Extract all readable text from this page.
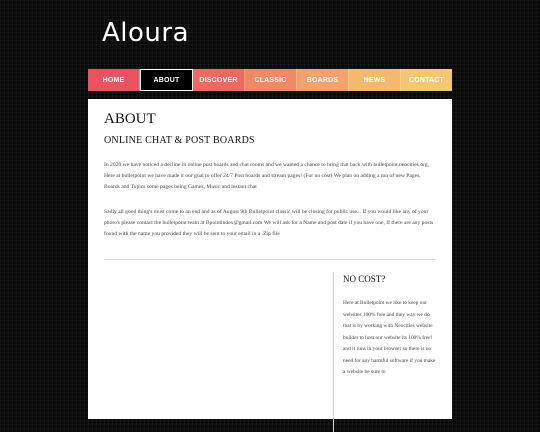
Aloura
HOME	ABOUT	DISCOVER	CLASSIC	BOARDS	NEWS	CONTACT
ABOUT
ONLINE CHAT & POST BOARDS

In 2020 we have noticed a decline in online post boards and chat rooms and we wanted a chance to bring that back with bulletpoint.neocities.org, Here at bulletpoint we have made it our goal to offer 24/7 Post boards and stream pages! (For no cost) We plan on adding a ton of new Pages, Boards and Topics some pages being Games, Music and instant chat

Sadly all good thing's must come to an end and as of August 9th Bulletpoint classic will be closing for public use... If you would like any of your photo's please contact the bulletpoint team at Bpointindex@gmail.com We will ask for a Name and post date if you have one, If there are any posts found with the name you provided they will be sent to your email in a .Zip file

NO COST?

Here at Bulletpoint we like to keep our websites 100% free and they way we do that is by working with Neocities website builder to host our website its 100% free! and it runs in your browser so there is no need for any harmful software if you make a website be sure to
